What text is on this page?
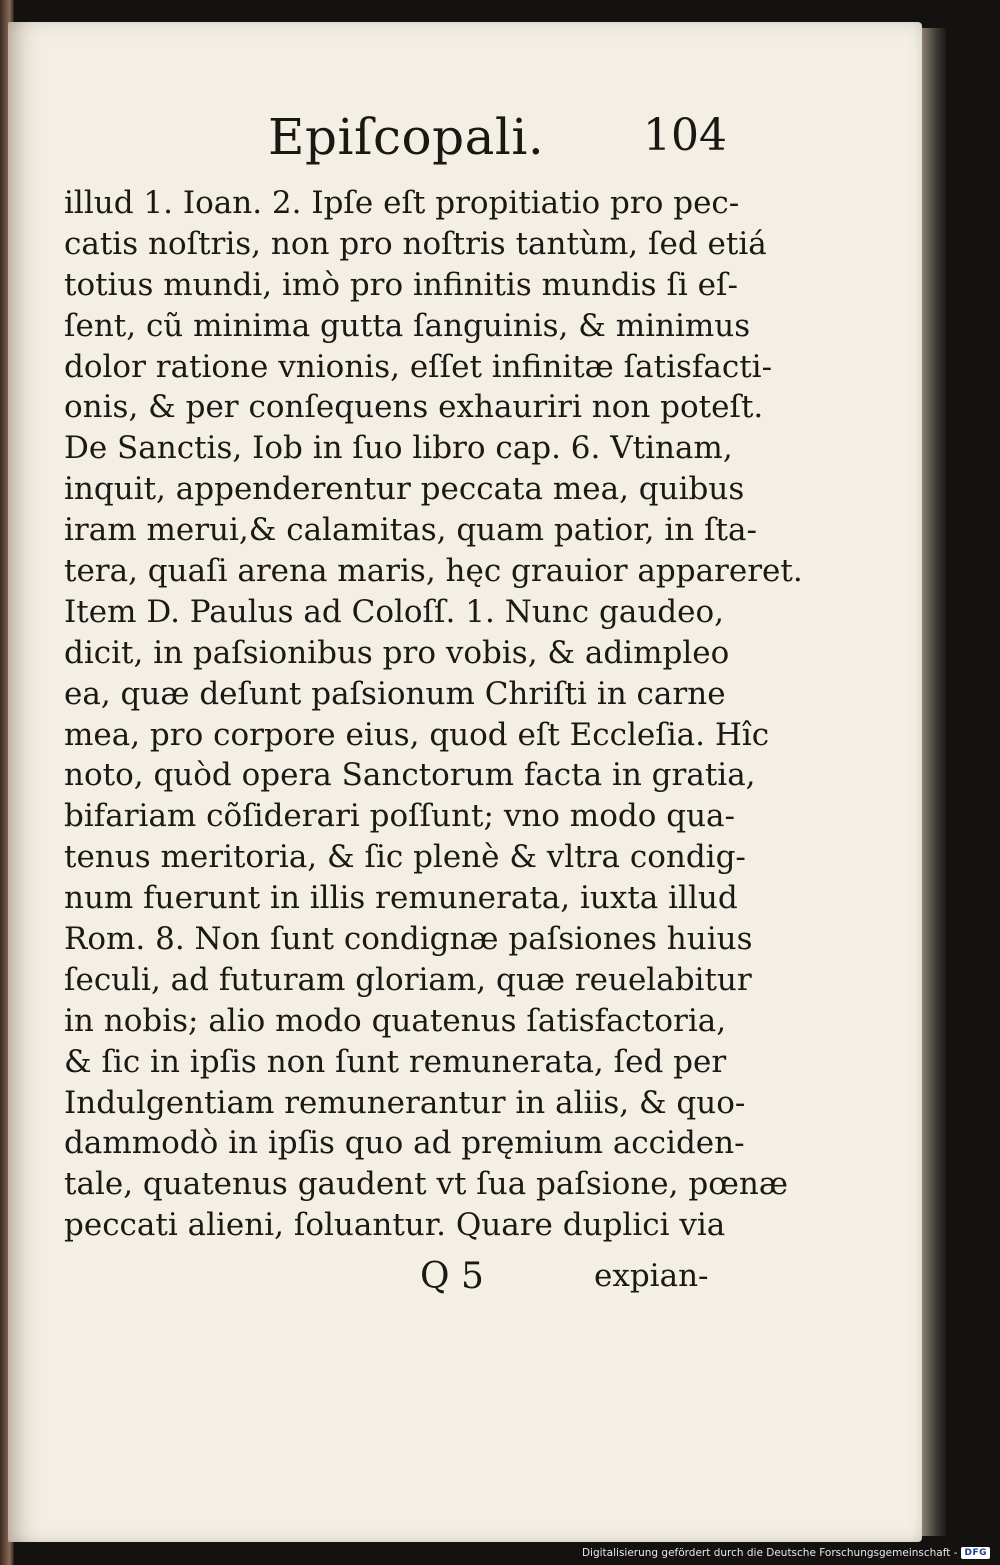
Epiſcopali. 104
illud 1. Ioan. 2. Ipſe eſt propitiatio pro pec-
catis noſtris, non pro noſtris tantùm, ſed etiá
totius mundi, imò pro infinitis mundis ſi eſ-
ſent, cũ minima gutta ſanguinis, & minimus
dolor ratione vnionis, eſſet infinitæ ſatisfacti-
onis, & per conſequens exhauriri non poteſt.
De Sanctis, Iob in ſuo libro cap. 6. Vtinam,
inquit, appenderentur peccata mea, quibus
iram merui,& calamitas, quam patior, in ſta-
tera, quaſi arena maris, hęc grauior appareret.
Item D. Paulus ad Coloſſ. 1. Nunc gaudeo,
dicit, in paſsionibus pro vobis, & adimpleo
ea, quæ deſunt paſsionum Chriſti in carne
mea, pro corpore eius, quod eſt Eccleſia. Hîc
noto, quòd opera Sanctorum facta in gratia,
bifariam cõſiderari poſſunt; vno modo qua-
tenus meritoria, & ſic plenè & vltra condig-
num fuerunt in illis remunerata, iuxta illud
Rom. 8. Non ſunt condignæ paſsiones huius
ſeculi, ad futuram gloriam, quæ reuelabitur
in nobis; alio modo quatenus ſatisfactoria,
& ſic in ipſis non ſunt remunerata, ſed per
Indulgentiam remunerantur in aliis, & quo-
dammodò in ipſis quo ad pręmium acciden-
tale, quatenus gaudent vt ſua paſsione, pœnæ
peccati alieni, ſoluantur. Quare duplici via
Q 5	expian-
Digitalisierung gefördert durch die Deutsche Forschungsgemeinschaft - DFG
